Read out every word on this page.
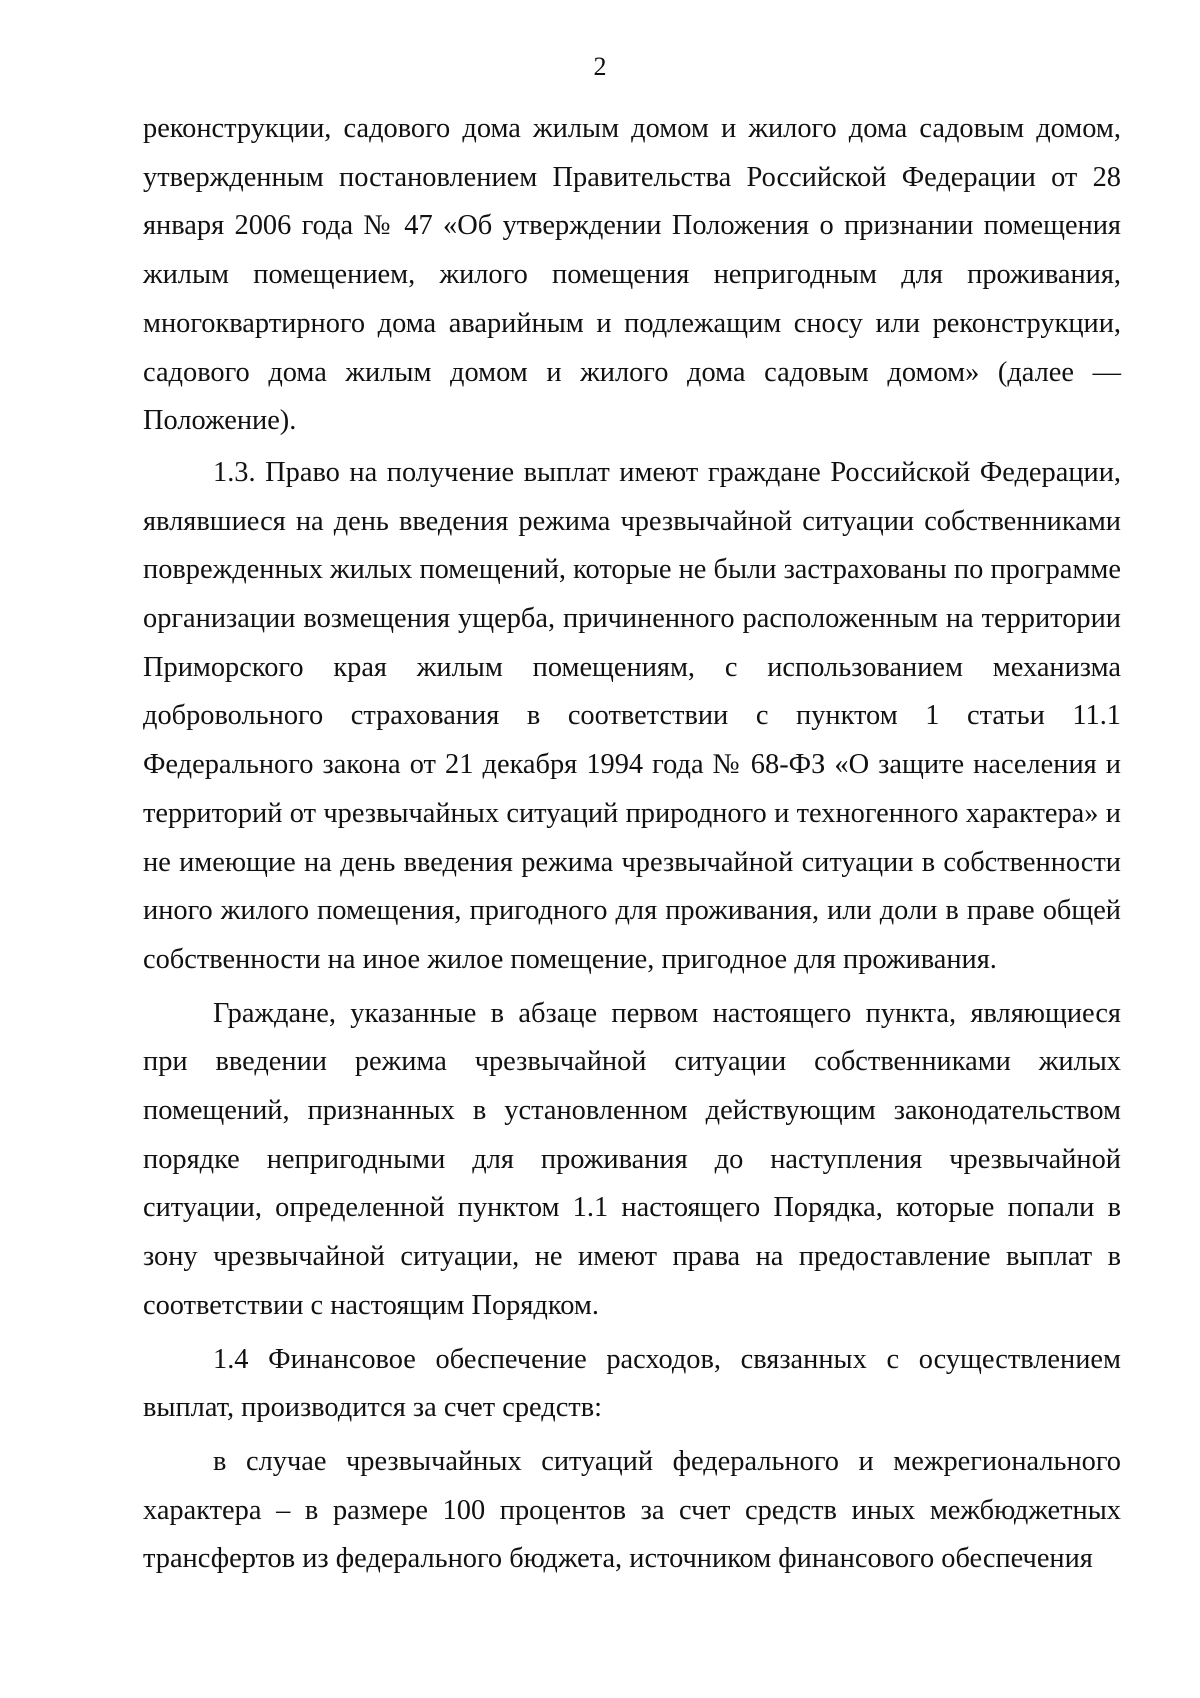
2

реконструкции, садового дома жилым домом и жилого дома садовым домом, утвержденным постановлением Правительства Российской Федерации от 28 января 2006 года № 47 «Об утверждении Положения о признании помещения жилым помещением, жилого помещения непригодным для проживания, многоквартирного дома аварийным и подлежащим сносу или реконструкции, садового дома жилым домом и жилого дома садовым домом» (далее — Положение).

1.3. Право на получение выплат имеют граждане Российской Федерации, являвшиеся на день введения режима чрезвычайной ситуации собственниками поврежденных жилых помещений, которые не были застрахованы по программе организации возмещения ущерба, причиненного расположенным на территории Приморского края жилым помещениям, с использованием механизма добровольного страхования в соответствии с пунктом 1 статьи 11.1 Федерального закона от 21 декабря 1994 года № 68-ФЗ «О защите населения и территорий от чрезвычайных ситуаций природного и техногенного характера» и не имеющие на день введения режима чрезвычайной ситуации в собственности иного жилого помещения, пригодного для проживания, или доли в праве общей собственности на иное жилое помещение, пригодное для проживания.

Граждане, указанные в абзаце первом настоящего пункта, являющиеся при введении режима чрезвычайной ситуации собственниками жилых помещений, признанных в установленном действующим законодательством порядке непригодными для проживания до наступления чрезвычайной ситуации, определенной пунктом 1.1 настоящего Порядка, которые попали в зону чрезвычайной ситуации, не имеют права на предоставление выплат в соответствии с настоящим Порядком.

1.4 Финансовое обеспечение расходов, связанных с осуществлением выплат, производится за счет средств:

в случае чрезвычайных ситуаций федерального и межрегионального характера – в размере 100 процентов за счет средств иных межбюджетных трансфертов из федерального бюджета, источником финансового обеспечения
